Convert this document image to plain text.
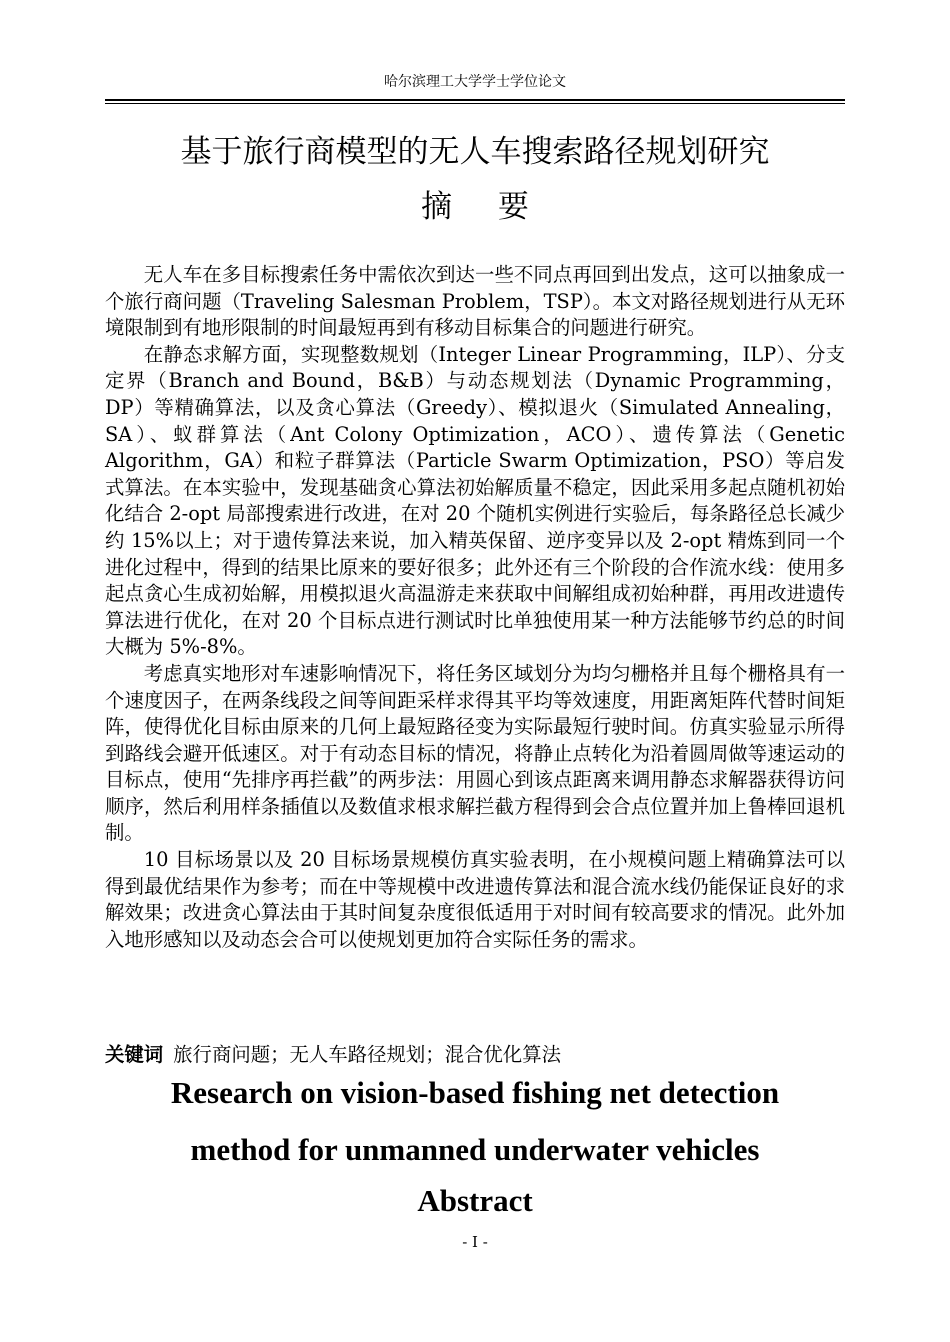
哈尔滨理工大学学士学位论文
基于旅行商模型的无人车搜索路径规划研究
摘 要

无人车在多目标搜索任务中需依次到达一些不同点再回到出发点，这可以抽象成一个旅行商问题（Traveling Salesman Problem，TSP）。本文对路径规划进行从无环境限制到有地形限制的时间最短再到有移动目标集合的问题进行研究。

在静态求解方面，实现整数规划（Integer Linear Programming，ILP）、分支定界（Branch and Bound，B&B）与动态规划法（Dynamic Programming，DP）等精确算法，以及贪心算法（Greedy）、模拟退火（Simulated Annealing，SA）、蚁群算法（Ant Colony Optimization，ACO）、遗传算法（Genetic Algorithm，GA）和粒子群算法（Particle Swarm Optimization，PSO）等启发式算法。在本实验中，发现基础贪心算法初始解质量不稳定，因此采用多起点随机初始化结合 2-opt 局部搜索进行改进，在对 20 个随机实例进行实验后，每条路径总长减少约 15%以上；对于遗传算法来说，加入精英保留、逆序变异以及 2-opt 精炼到同一个进化过程中，得到的结果比原来的要好很多；此外还有三个阶段的合作流水线：使用多起点贪心生成初始解，用模拟退火高温游走来获取中间解组成初始种群，再用改进遗传算法进行优化，在对 20 个目标点进行测试时比单独使用某一种方法能够节约总的时间大概为 5%-8%。

考虑真实地形对车速影响情况下，将任务区域划分为均匀栅格并且每个栅格具有一个速度因子，在两条线段之间等间距采样求得其平均等效速度，用距离矩阵代替时间矩阵，使得优化目标由原来的几何上最短路径变为实际最短行驶时间。仿真实验显示所得到路线会避开低速区。对于有动态目标的情况，将静止点转化为沿着圆周做等速运动的目标点，使用“先排序再拦截”的两步法：用圆心到该点距离来调用静态求解器获得访问顺序，然后利用样条插值以及数值求根求解拦截方程得到会合点位置并加上鲁棒回退机制。

10 目标场景以及 20 目标场景规模仿真实验表明，在小规模问题上精确算法可以得到最优结果作为参考；而在中等规模中改进遗传算法和混合流水线仍能保证良好的求解效果；改进贪心算法由于其时间复杂度很低适用于对时间有较高要求的情况。此外加入地形感知以及动态会合可以使规划更加符合实际任务的需求。

关键词 旅行商问题；无人车路径规划；混合优化算法
Research on vision-based fishing net detection
method for unmanned underwater vehicles
Abstract
- I -
